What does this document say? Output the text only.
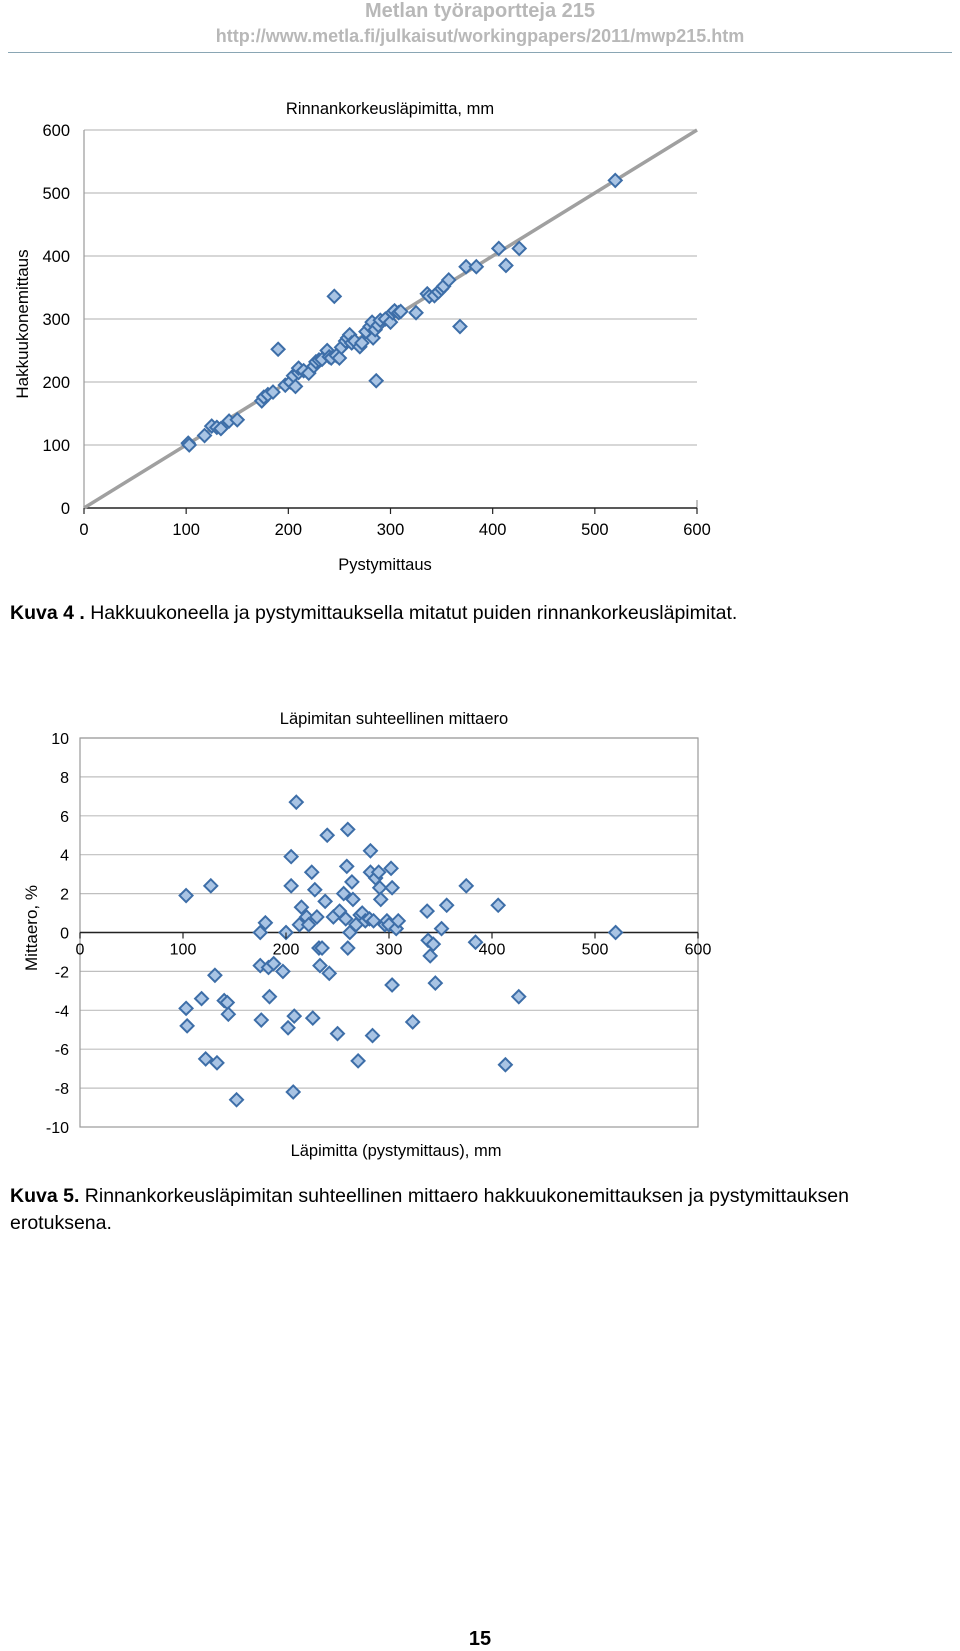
Metlan työraportteja 215
http://www.metla.fi/julkaisut/workingpapers/2011/mwp215.htm
Rinnankorkeusläpimitta, mm
0	100	200	300	400	500	600
0
100
200
300
400
500
600
Pystymittaus
Hakkuukonemittaus
Kuva 4 . Hakkuukoneella ja pystymittauksella mitatut puiden rinnankorkeusläpimitat.
Läpimitan suhteellinen mittaero
0	100	200	300	400	500	600
-10
-8
-6
-4
-2
0
2
4
6
8
10
Läpimitta (pystymittaus), mm
Mittaero, %
Kuva 5. Rinnankorkeusläpimitan suhteellinen mittaero hakkuukonemittauksen ja pystymittauksen erotuksena.
15
